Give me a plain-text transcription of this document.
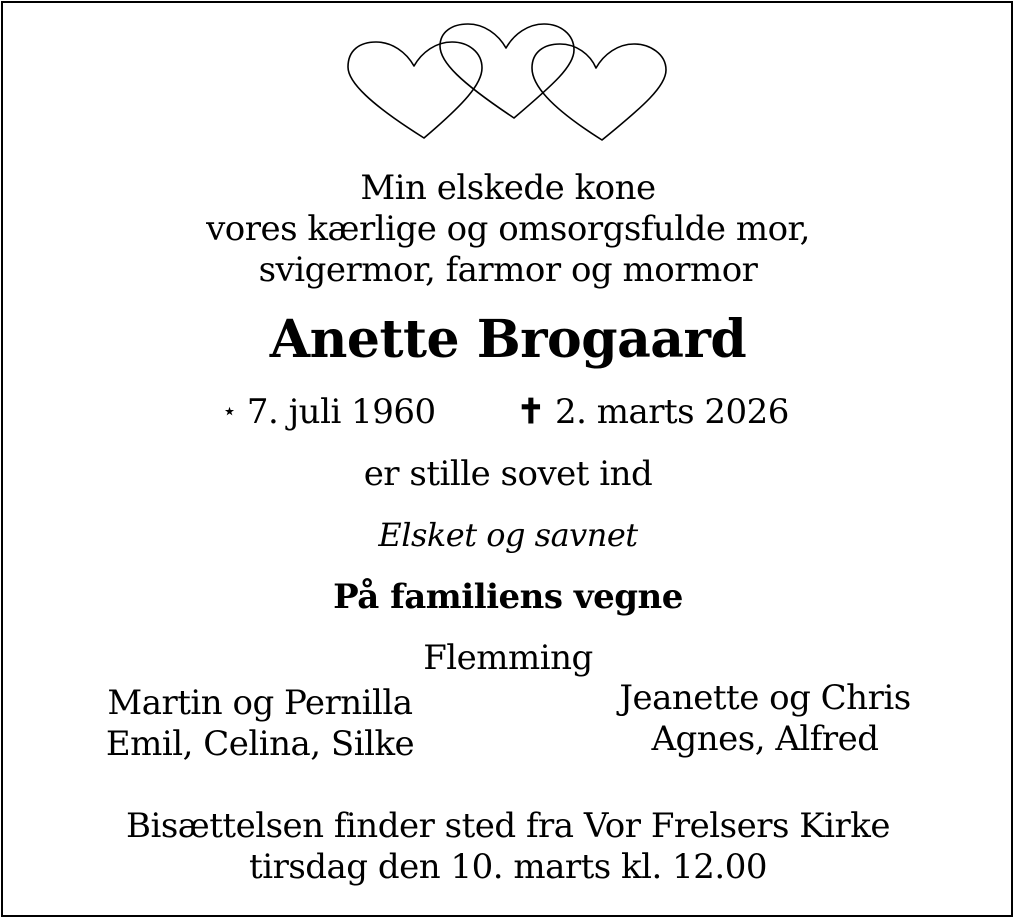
Min elskede kone
vores kærlige og omsorgsfulde mor,
svigermor, farmor og mormor
Anette Brogaard
⋆ 7. juli 1960 ✝ 2. marts 2026
er stille sovet ind
Elsket og savnet
På familiens vegne
Flemming
Martin og Pernilla
Emil, Celina, Silke
Jeanette og Chris
Agnes, Alfred
Bisættelsen finder sted fra Vor Frelsers Kirke
tirsdag den 10. marts kl. 12.00
